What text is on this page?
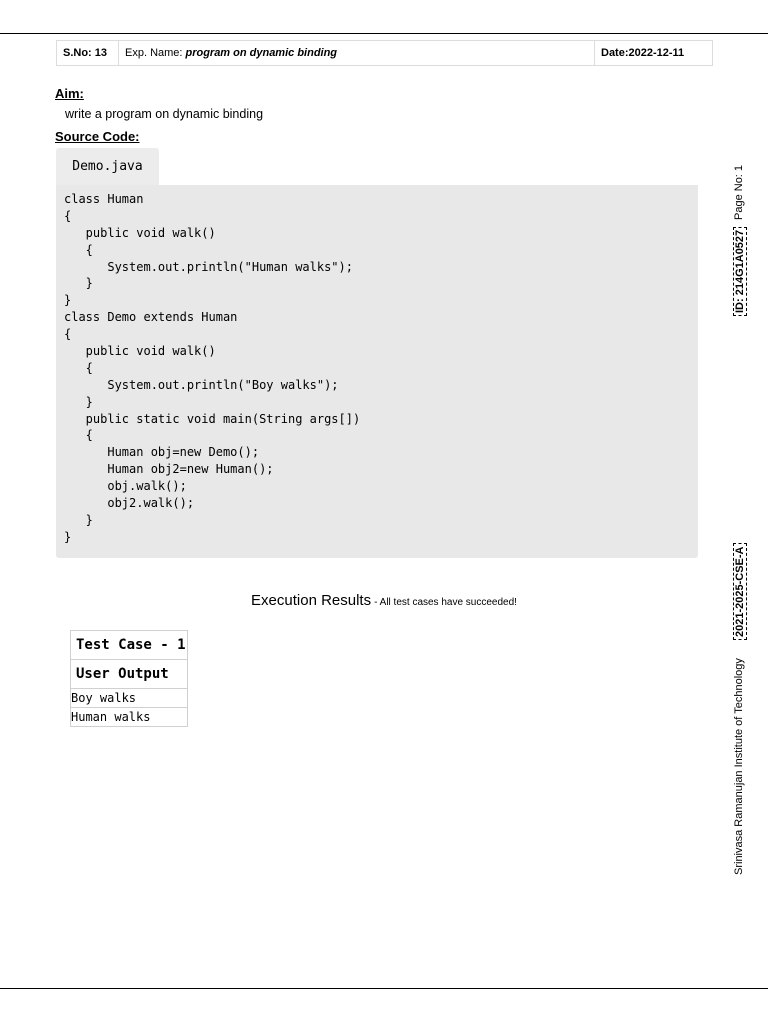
S.No: 13	Exp. Name: program on dynamic binding	Date:2022-12-11
Aim:
write a program on dynamic binding
Source Code:
Demo.java
class Human
{
public void walk()
{
System.out.println("Human walks");
}
}
class Demo extends Human
{
public void walk()
{
System.out.println("Boy walks");
}
public static void main(String args[])
{
Human obj=new Demo();
Human obj2=new Human();
obj.walk();
obj2.walk();
}
}
Execution Results - All test cases have succeeded!
Test Case - 1
User Output
Boy walks
Human walks
Page No: 1
ID: 214G1A0527
2021-2025-CSE-A
Srinivasa Ramanujan Institute of Technology
